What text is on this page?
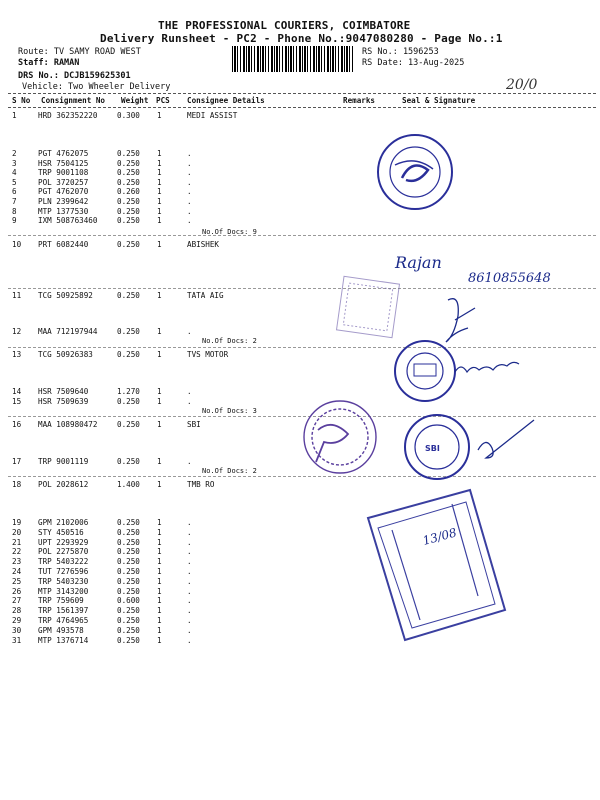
THE PROFESSIONAL COURIERS, COIMBATORE
Delivery Runsheet - PC2 - Phone No.:9047080280 - Page No.:1
Route: TV SAMY ROAD WEST
Staff: RAMAN
DRS No.: DCJB159625301
Vehicle: Two Wheeler Delivery
RS No.: 1596253
RS Date: 13-Aug-2025
20/0
S No Consignment No Weight PCS Consignee Details	Remarks	Seal & Signature
1	HRD 362352220	0.300 1	MEDI ASSIST
2	PGT 4762075	0.250 1	.
3	HSR 7504125	0.250 1	.
4	TRP 9001108	0.250 1	.
5	POL 3720257	0.250 1	.
6	PGT 4762070	0.260 1	.
7	PLN 2399642	0.250 1	.
8	MTP 1377530	0.250 1	.
9	IXM 508763460	0.250 1	.
No.Of Docs: 9
10 PRT 6082440	0.250 1	ABISHEK
11 TCG 50925892	0.250 1	TATA AIG
12 MAA 712197944	0.250 1	.
No.Of Docs: 2
13 TCG 50926383	0.250 1	TVS MOTOR
14 HSR 7509640	1.270 1	.
15 HSR 7509639	0.250 1	.
No.Of Docs: 3
16 MAA 108980472	0.250 1	SBI
17 TRP 9001119	0.250 1	.
No.Of Docs: 2
18 POL 2028612	1.400 1	TMB RO
19 GPM 2102006	0.250 1	.
20 STY 450516	0.250 1	.
21 UPT 2293929	0.250 1	.
22 POL 2275870	0.250 1	.
23 TRP 5403222	0.250 1	.
24 TUT 7276596	0.250 1	.
25 TRP 5403230	0.250 1	.
26 MTP 3143200	0.250 1	.
27 TRP 759609	0.600 1	.
28 TRP 1561397	0.250 1	.
29 TRP 4764965	0.250 1	.
30 GPM 493578	0.250 1	.
31 MTP 1376714	0.250 1	.
Rajan
8610855648
SBI
13/08
